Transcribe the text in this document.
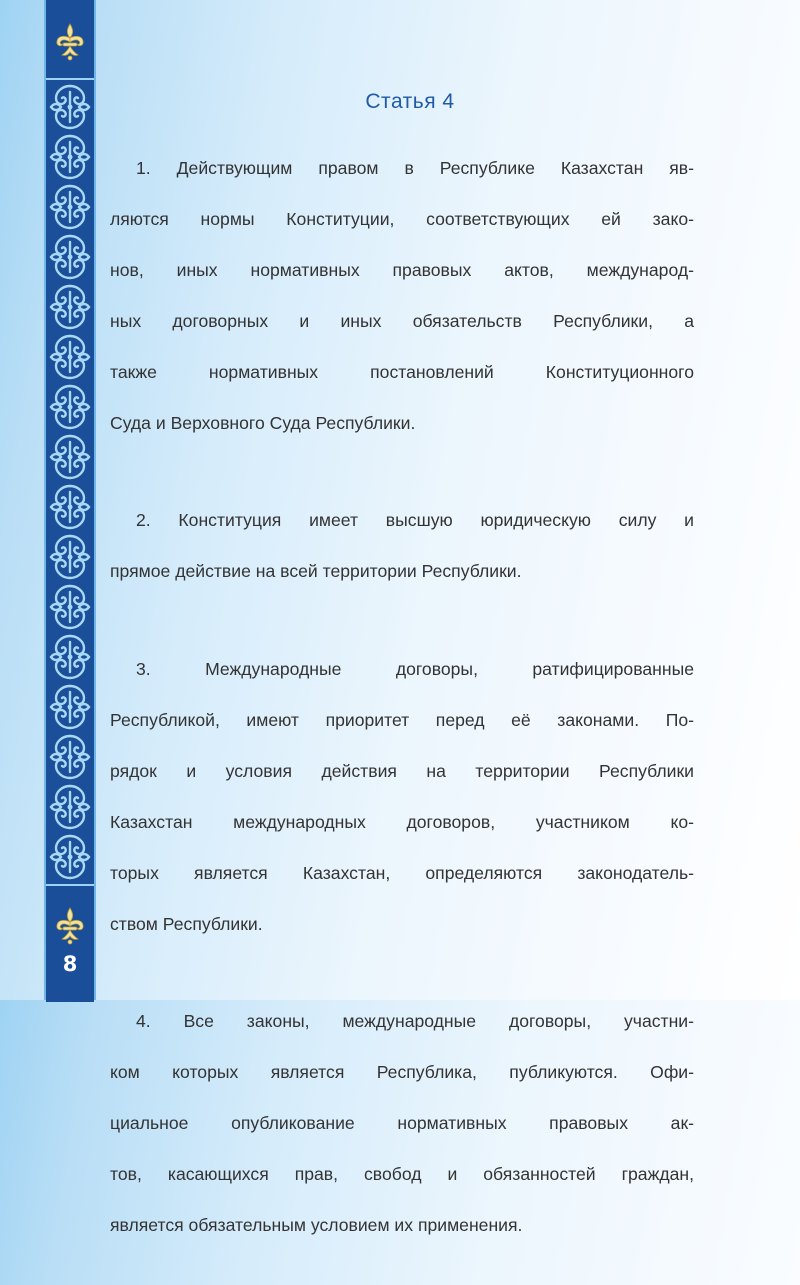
8
Статья 4

1. Действующим правом в Республике Казахстан яв-

ляются нормы Конституции, соответствующих ей зако-

нов, иных нормативных правовых актов, международ-

ных договорных и иных обязательств Республики, а

также нормативных постановлений Конституционного

Суда и Верховного Суда Республики.

2. Конституция имеет высшую юридическую силу и

прямое действие на всей территории Республики.

3. Международные договоры, ратифицированные

Республикой, имеют приоритет перед её законами. По-

рядок и условия действия на территории Республики

Казахстан международных договоров, участником ко-

торых является Казахстан, определяются законодатель-

ством Республики.

4. Все законы, международные договоры, участни-

ком которых является Республика, публикуются. Офи-

циальное опубликование нормативных правовых ак-

тов, касающихся прав, свобод и обязанностей граждан,

является обязательным условием их применения.
